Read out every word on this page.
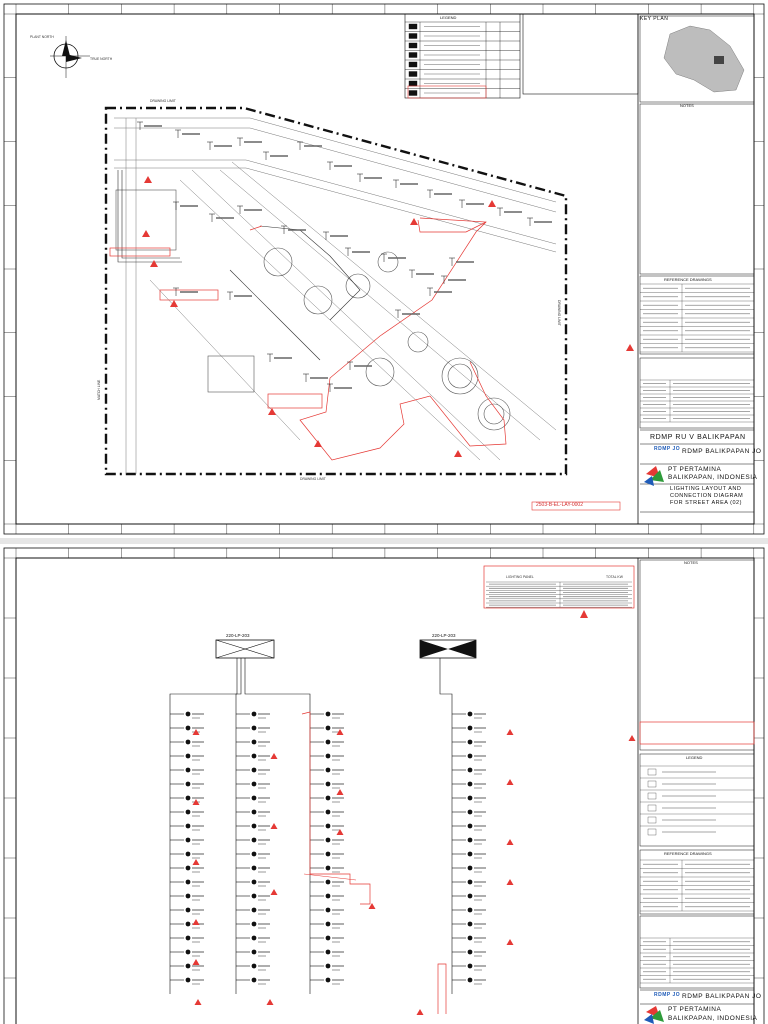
KEY PLAN
NOTES
REFERENCE DRAWINGS
LEGEND
PLANT NORTH
TRUE NORTH
DRAWING LIMIT
DRAWING LIMIT
DRAWING LIMIT
MATCH LINE
RDMP RU V BALIKPAPAN
RDMP JO RDMP BALIKPAPAN JO
PT PERTAMINA
BALIKPAPAN, INDONESIA
LIGHTING LAYOUT AND
CONNECTION DIAGRAM
FOR STREET AREA (02)
2503-B-EL-LAY-0002
220-LP-203	220-LP-203
NOTES
LEGEND
REFERENCE DRAWINGS
LIGHTING PANEL	TOTAL KW
RDMP JO RDMP BALIKPAPAN JO
PT PERTAMINA
BALIKPAPAN, INDONESIA
